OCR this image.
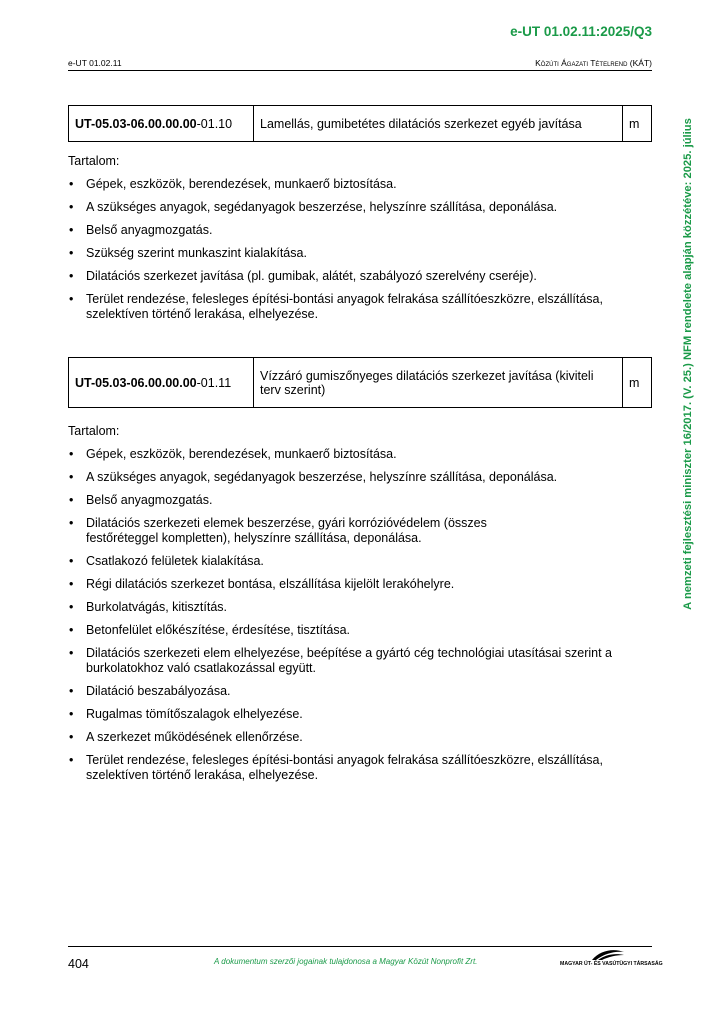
e-UT 01.02.11:2025/Q3
e-UT 01.02.11	Közúti Ágazati Tételrend (KÁT)
UT-05.03-06.00.00.00-01.10	Lamellás, gumibetétes dilatációs szerkezet egyéb javítása	m

Tartalom:

• Gépek, eszközök, berendezések, munkaerő biztosítása.
• A szükséges anyagok, segédanyagok beszerzése, helyszínre szállítása, deponálása.
• Belső anyagmozgatás.
• Szükség szerint munkaszint kialakítása.
• Dilatációs szerkezet javítása (pl. gumibak, alátét, szabályozó szerelvény cseréje).
• Terület rendezése, felesleges építési-bontási anyagok felrakása szállítóeszközre, elszállítása, szelektíven történő lerakása, elhelyezése.
UT-05.03-06.00.00.00-01.11	Vízzáró gumiszőnyeges dilatációs szerkezet javítása (kiviteli terv szerint)	m

Tartalom:

• Gépek, eszközök, berendezések, munkaerő biztosítása.
• A szükséges anyagok, segédanyagok beszerzése, helyszínre szállítása, deponálása.
• Belső anyagmozgatás.
• Dilatációs szerkezeti elemek beszerzése, gyári korrózióvédelem (összes festőréteggel kompletten), helyszínre szállítása, deponálása.
• Csatlakozó felületek kialakítása.
• Régi dilatációs szerkezet bontása, elszállítása kijelölt lerakóhelyre.
• Burkolatvágás, kitisztítás.
• Betonfelület előkészítése, érdesítése, tisztítása.
• Dilatációs szerkezeti elem elhelyezése, beépítése a gyártó cég technológiai utasításai szerint a burkolatokhoz való csatlakozással együtt.
• Dilatáció beszabályozása.
• Rugalmas tömítőszalagok elhelyezése.
• A szerkezet működésének ellenőrzése.
• Terület rendezése, felesleges építési-bontási anyagok felrakása szállítóeszközre, elszállítása, szelektíven történő lerakása, elhelyezése.
A nemzeti fejlesztési miniszter 16/2017. (V. 25.) NFM rendelete alapján közzétéve: 2025. július
404	A dokumentum szerzői jogainak tulajdonosa a Magyar Közút Nonprofit Zrt.	MAGYAR ÚT- ÉS VASÚTÜGYI TÁRSASÁG
